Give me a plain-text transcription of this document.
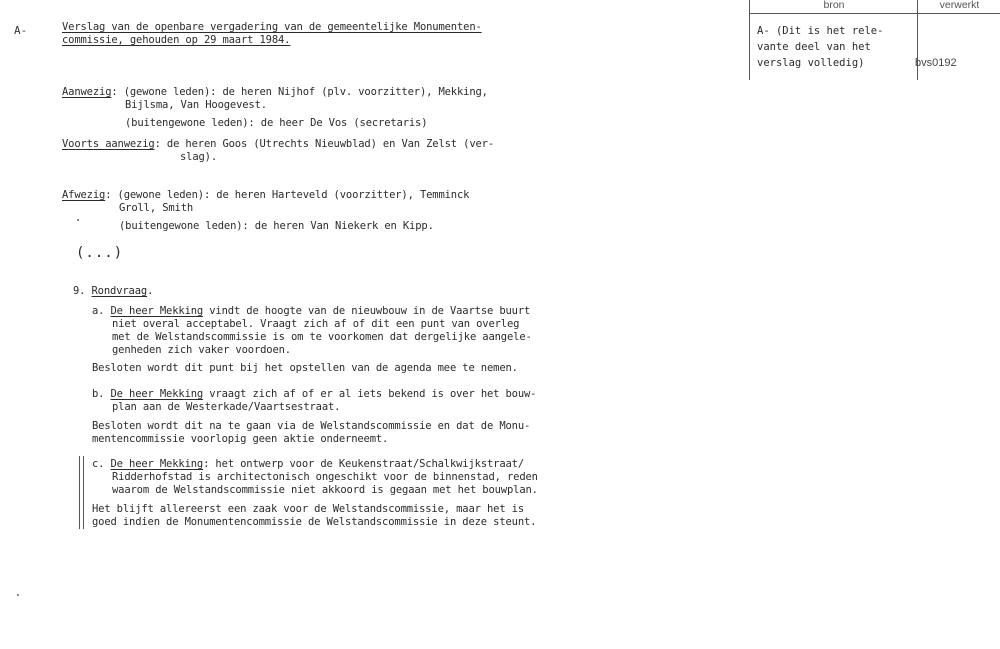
A-	Verslag van de openbare vergadering van de gemeentelijke Monumenten-
commissie, gehouden op 29 maart 1984.
bron	verwerkt
A- (Dit is het rele-
vante deel van het
verslag volledig)	bvs0192
Aanwezig: (gewone leden): de heren Nijhof (plv. voorzitter), Mekking,
Bijlsma, Van Hoogevest.
(buitengewone leden): de heer De Vos (secretaris)
Voorts aanwezig: de heren Goos (Utrechts Nieuwblad) en Van Zelst (ver-
slag).
Afwezig: (gewone leden): de heren Harteveld (voorzitter), Temminck
Groll, Smith
(buitengewone leden): de heren Van Niekerk en Kipp.
(...)
9. Rondvraag.
a. De heer Mekking vindt de hoogte van de nieuwbouw in de Vaartse buurt
niet overal acceptabel. Vraagt zich af of dit een punt van overleg
met de Welstandscommissie is om te voorkomen dat dergelijke aangele-
genheden zich vaker voordoen.
Besloten wordt dit punt bij het opstellen van de agenda mee te nemen.
b. De heer Mekking vraagt zich af of er al iets bekend is over het bouw-
plan aan de Westerkade/Vaartsestraat.
Besloten wordt dit na te gaan via de Welstandscommissie en dat de Monu-
mentencommissie voorlopig geen aktie onderneemt.
c. De heer Mekking: het ontwerp voor de Keukenstraat/Schalkwijkstraat/
Ridderhofstad is architectonisch ongeschikt voor de binnenstad, reden
waarom de Welstandscommissie niet akkoord is gegaan met het bouwplan.
Het blijft allereerst een zaak voor de Welstandscommissie, maar het is
goed indien de Monumentencommissie de Welstandscommissie in deze steunt.
